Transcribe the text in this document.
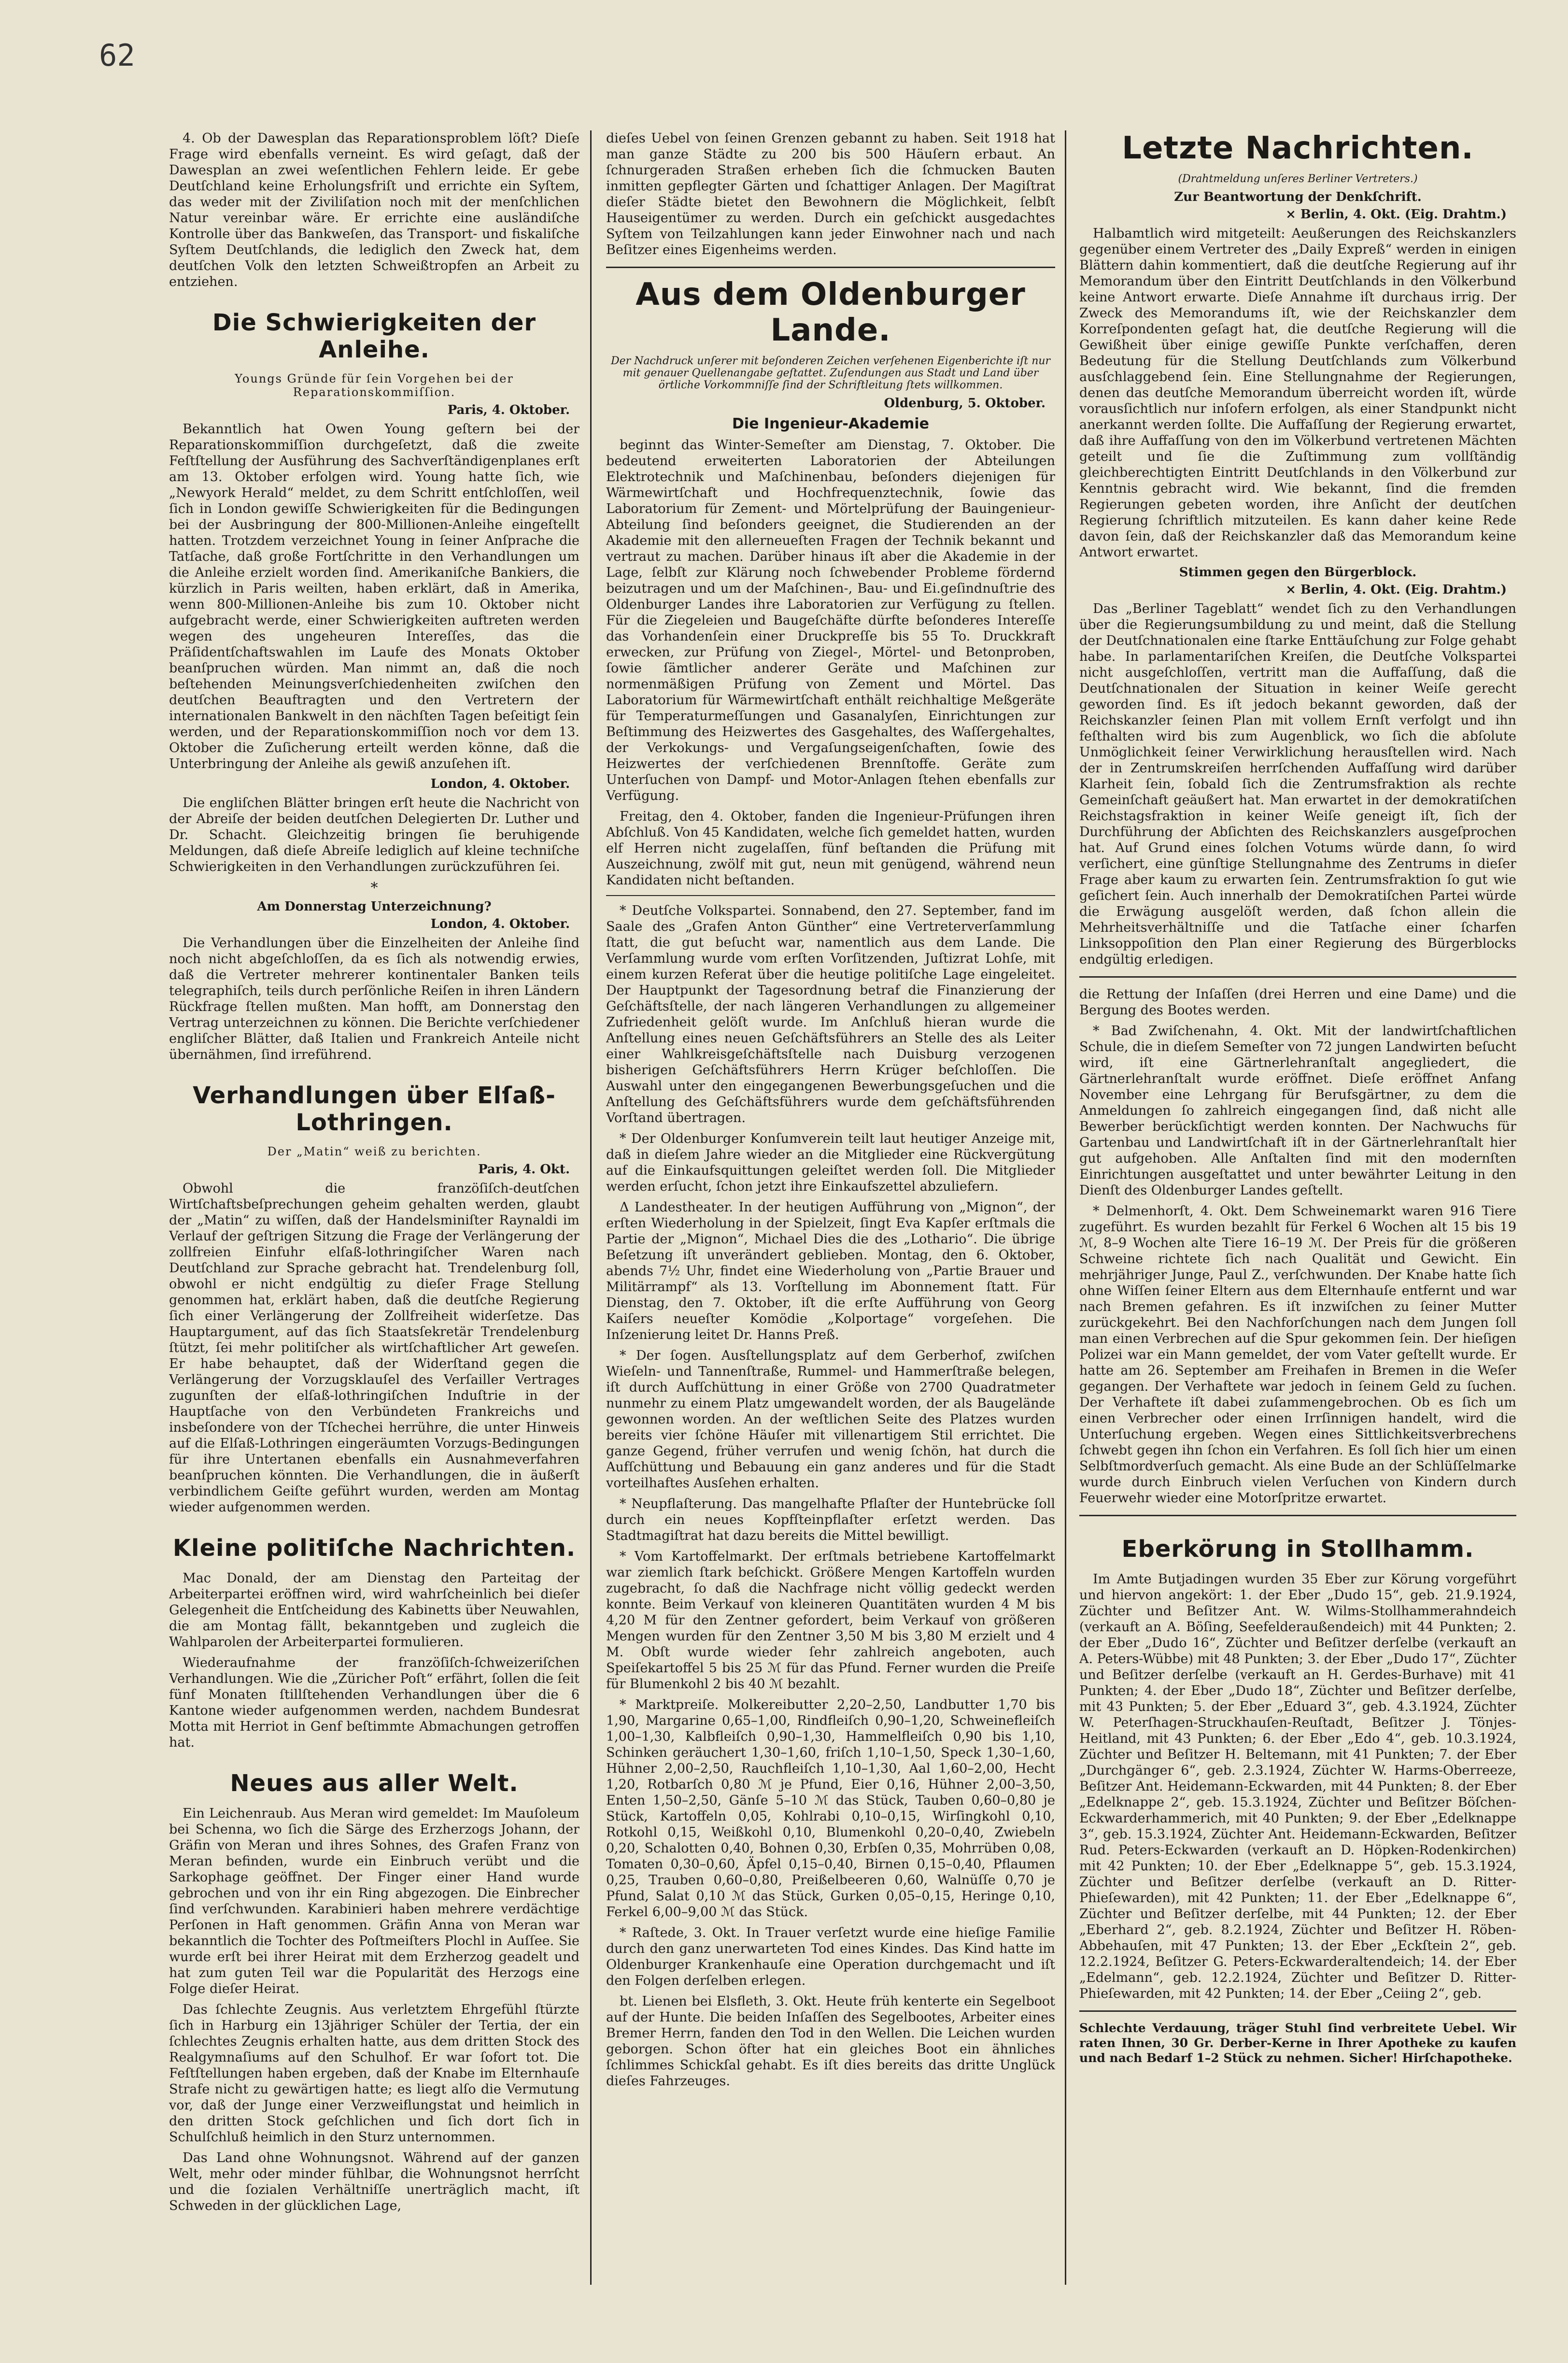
62

4. Ob der Dawesplan das Reparationsproblem löſt? Dieſe Frage wird ebenfalls verneint. Es wird geſagt, daß der Dawesplan an zwei weſentlichen Fehlern leide. Er gebe Deutſchland keine Erholungsfriſt und errichte ein Syſtem, das weder mit der Ziviliſation noch mit der menſchlichen Natur vereinbar wäre. Er errichte eine ausländiſche Kontrolle über das Bankweſen, das Transport- und fiskaliſche Syſtem Deutſchlands, die lediglich den Zweck hat, dem deutſchen Volk den letzten Schweißtropfen an Arbeit zu entziehen.

Die Schwierigkeiten der Anleihe.
Youngs Gründe für ſein Vorgehen bei der Reparationskommiſſion.
Paris, 4. Oktober.

Bekanntlich hat Owen Young geſtern bei der Reparationskommiſſion durchgeſetzt, daß die zweite Feſtſtellung der Ausführung des Sachverſtändigenplanes erſt am 13. Oktober erfolgen wird. Young hatte ſich, wie „Newyork Herald“ meldet, zu dem Schritt entſchloſſen, weil ſich in London gewiſſe Schwierigkeiten für die Bedingungen bei der Ausbringung der 800-Millionen-Anleihe eingeſtellt hatten. Trotzdem verzeichnet Young in ſeiner Anſprache die Tatſache, daß große Fortſchritte in den Verhandlungen um die Anleihe erzielt worden ſind. Amerikaniſche Bankiers, die kürzlich in Paris weilten, haben erklärt, daß in Amerika, wenn 800-Millionen-Anleihe bis zum 10. Oktober nicht aufgebracht werde, einer Schwierigkeiten auftreten werden wegen des ungeheuren Intereſſes, das die Präſidentſchaftswahlen im Laufe des Monats Oktober beanſpruchen würden. Man nimmt an, daß die noch beſtehenden Meinungsverſchiedenheiten zwiſchen den deutſchen Beauftragten und den Vertretern der internationalen Bankwelt in den nächſten Tagen beſeitigt ſein werden, und der Reparationskommiſſion noch vor dem 13. Oktober die Zuſicherung erteilt werden könne, daß die Unterbringung der Anleihe als gewiß anzuſehen iſt.

London, 4. Oktober.

Die engliſchen Blätter bringen erſt heute die Nachricht von der Abreiſe der beiden deutſchen Delegierten Dr. Luther und Dr. Schacht. Gleichzeitig bringen ſie beruhigende Meldungen, daß dieſe Abreiſe lediglich auf kleine techniſche Schwierigkeiten in den Verhandlungen zurückzuführen ſei.

*
Am Donnerstag Unterzeichnung?
London, 4. Oktober.

Die Verhandlungen über die Einzelheiten der Anleihe ſind noch nicht abgeſchloſſen, da es ſich als notwendig erwies, daß die Vertreter mehrerer kontinentaler Banken teils telegraphiſch, teils durch perſönliche Reiſen in ihren Ländern Rückfrage ſtellen mußten. Man hofft, am Donnerstag den Vertrag unterzeichnen zu können. Die Berichte verſchiedener engliſcher Blätter, daß Italien und Frankreich Anteile nicht übernähmen, ſind irreführend.

Verhandlungen über Elſaß-Lothringen.
Der „Matin“ weiß zu berichten.
Paris, 4. Okt.

Obwohl die franzöſiſch-deutſchen Wirtſchaftsbeſprechungen geheim gehalten werden, glaubt der „Matin“ zu wiſſen, daß der Handelsminiſter Raynaldi im Verlauf der geſtrigen Sitzung die Frage der Verlängerung der zollfreien Einfuhr elſaß-lothringiſcher Waren nach Deutſchland zur Sprache gebracht hat. Trendelenburg ſoll, obwohl er nicht endgültig zu dieſer Frage Stellung genommen hat, erklärt haben, daß die deutſche Regierung ſich einer Verlängerung der Zollfreiheit widerſetze. Das Hauptargument, auf das ſich Staatsſekretär Trendelenburg ſtützt, ſei mehr politiſcher als wirtſchaftlicher Art geweſen. Er habe behauptet, daß der Widerſtand gegen die Verlängerung der Vorzugsklauſel des Verſailler Vertrages zugunſten der elſaß-lothringiſchen Induſtrie in der Hauptſache von den Verbündeten Frankreichs und insbeſondere von der Tſchechei herrühre, die unter Hinweis auf die Elſaß-Lothringen eingeräumten Vorzugs-Bedingungen für ihre Untertanen ebenfalls ein Ausnahmeverfahren beanſpruchen könnten. Die Verhandlungen, die in äußerſt verbindlichem Geiſte geführt wurden, werden am Montag wieder aufgenommen werden.

Kleine politiſche Nachrichten.

Mac Donald, der am Dienstag den Parteitag der Arbeiterpartei eröffnen wird, wird wahrſcheinlich bei dieſer Gelegenheit die Entſcheidung des Kabinetts über Neuwahlen, die am Montag fällt, bekanntgeben und zugleich die Wahlparolen der Arbeiterpartei formulieren.

Wiederaufnahme der franzöſiſch-ſchweizeriſchen Verhandlungen. Wie die „Züricher Poſt“ erfährt, ſollen die ſeit fünf Monaten ſtillſtehenden Verhandlungen über die 6 Kantone wieder aufgenommen werden, nachdem Bundesrat Motta mit Herriot in Genf beſtimmte Abmachungen getroffen hat.

Neues aus aller Welt.

Ein Leichenraub. Aus Meran wird gemeldet: Im Mauſoleum bei Schenna, wo ſich die Särge des Erzherzogs Johann, der Gräfin von Meran und ihres Sohnes, des Grafen Franz von Meran befinden, wurde ein Einbruch verübt und die Sarkophage geöffnet. Der Finger einer Hand wurde gebrochen und von ihr ein Ring abgezogen. Die Einbrecher ſind verſchwunden. Karabinieri haben mehrere verdächtige Perſonen in Haft genommen. Gräfin Anna von Meran war bekanntlich die Tochter des Poſtmeiſters Plochl in Auſſee. Sie wurde erſt bei ihrer Heirat mit dem Erzherzog geadelt und hat zum guten Teil war die Popularität des Herzogs eine Folge dieſer Heirat.

Das ſchlechte Zeugnis. Aus verletztem Ehrgefühl ſtürzte ſich in Harburg ein 13jähriger Schüler der Tertia, der ein ſchlechtes Zeugnis erhalten hatte, aus dem dritten Stock des Realgymnaſiums auf den Schulhof. Er war ſofort tot. Die Feſtſtellungen haben ergeben, daß der Knabe im Elternhauſe Strafe nicht zu gewärtigen hatte; es liegt alſo die Vermutung vor, daß der Junge einer Verzweiflungstat und heimlich in den dritten Stock geſchlichen und ſich dort ſich in Schulſchluß heimlich in den Sturz unternommen.

Das Land ohne Wohnungsnot. Während auf der ganzen Welt, mehr oder minder fühlbar, die Wohnungsnot herrſcht und die ſozialen Verhältniſſe unerträglich macht, iſt Schweden in der glücklichen Lage,

dieſes Uebel von ſeinen Grenzen gebannt zu haben. Seit 1918 hat man ganze Städte zu 200 bis 500 Häuſern erbaut. An ſchnurgeraden Straßen erheben ſich die ſchmucken Bauten inmitten gepflegter Gärten und ſchattiger Anlagen. Der Magiſtrat dieſer Städte bietet den Bewohnern die Möglichkeit, ſelbſt Hauseigentümer zu werden. Durch ein geſchickt ausgedachtes Syſtem von Teilzahlungen kann jeder Einwohner nach und nach Beſitzer eines Eigenheims werden.

Aus dem Oldenburger Lande.
Der Nachdruck unſerer mit beſonderen Zeichen verſehenen Eigenberichte iſt nur mit genauer Quellenangabe geſtattet. Zuſendungen aus Stadt und Land über örtliche Vorkommniſſe ſind der Schriftleitung ſtets willkommen.
Oldenburg, 5. Oktober.
Die Ingenieur-Akademie

beginnt das Winter-Semeſter am Dienstag, 7. Oktober. Die bedeutend erweiterten Laboratorien der Abteilungen Elektrotechnik und Maſchinenbau, beſonders diejenigen für Wärmewirtſchaft und Hochfrequenztechnik, ſowie das Laboratorium für Zement- und Mörtelprüfung der Bauingenieur-Abteilung ſind beſonders geeignet, die Studierenden an der Akademie mit den allerneueſten Fragen der Technik bekannt und vertraut zu machen. Darüber hinaus iſt aber die Akademie in der Lage, ſelbſt zur Klärung noch ſchwebender Probleme fördernd beizutragen und um der Maſchinen-, Bau- und Ei.geſindnuſtrie des Oldenburger Landes ihre Laboratorien zur Verfügung zu ſtellen. Für die Ziegeleien und Baugeſchäfte dürfte beſonderes Intereſſe das Vorhandenſein einer Druckpreſſe bis 55 To. Druckkraft erwecken, zur Prüfung von Ziegel-, Mörtel- und Betonproben, ſowie ſämtlicher anderer Geräte und Maſchinen zur normenmäßigen Prüfung von Zement und Mörtel. Das Laboratorium für Wärmewirtſchaft enthält reichhaltige Meßgeräte für Temperaturmeſſungen und Gasanalyſen, Einrichtungen zur Beſtimmung des Heizwertes des Gasgehaltes, des Waſſergehaltes, der Verkokungs- und Vergaſungseigenſchaften, ſowie des Heizwertes der verſchiedenen Brennſtoffe. Geräte zum Unterſuchen von Dampf- und Motor-Anlagen ſtehen ebenfalls zur Verfügung.

Freitag, den 4. Oktober, fanden die Ingenieur-Prüfungen ihren Abſchluß. Von 45 Kandidaten, welche ſich gemeldet hatten, wurden elf Herren nicht zugelaſſen, fünf beſtanden die Prüfung mit Auszeichnung, zwölf mit gut, neun mit genügend, während neun Kandidaten nicht beſtanden.

* Deutſche Volkspartei. Sonnabend, den 27. September, fand im Saale des „Grafen Anton Günther“ eine Vertreterverſammlung ſtatt, die gut beſucht war, namentlich aus dem Lande. Die Verſammlung wurde vom erſten Vorſitzenden, Juſtizrat Lohſe, mit einem kurzen Referat über die heutige politiſche Lage eingeleitet. Der Hauptpunkt der Tagesordnung betraf die Finanzierung der Geſchäftsſtelle, der nach längeren Verhandlungen zu allgemeiner Zufriedenheit gelöſt wurde. Im Anſchluß hieran wurde die Anſtellung eines neuen Geſchäftsführers an Stelle des als Leiter einer Wahlkreisgeſchäftsſtelle nach Duisburg verzogenen bisherigen Geſchäftsführers Herrn Krüger beſchloſſen. Die Auswahl unter den eingegangenen Bewerbungsgeſuchen und die Anſtellung des Geſchäftsführers wurde dem geſchäftsführenden Vorſtand übertragen.

* Der Oldenburger Konſumverein teilt laut heutiger Anzeige mit, daß in dieſem Jahre wieder an die Mitglieder eine Rückvergütung auf die Einkaufsquittungen geleiſtet werden ſoll. Die Mitglieder werden erſucht, ſchon jetzt ihre Einkaufszettel abzuliefern.

Δ Landestheater. In der heutigen Aufführung von „Mignon“, der erſten Wiederholung in der Spielzeit, ſingt Eva Kapſer erſtmals die Partie der „Mignon“, Michael Dies die des „Lothario“. Die übrige Beſetzung iſt unverändert geblieben. Montag, den 6. Oktober, abends 7½ Uhr, findet eine Wiederholung von „Partie Brauer und Militärrampf“ als 13. Vorſtellung im Abonnement ſtatt. Für Dienstag, den 7. Oktober, iſt die erſte Aufführung von Georg Kaiſers neueſter Komödie „Kolportage“ vorgeſehen. Die Inſzenierung leitet Dr. Hanns Preß.

* Der ſogen. Ausſtellungsplatz auf dem Gerberhof, zwiſchen Wieſeln- und Tannenſtraße, Rummel- und Hammerſtraße belegen, iſt durch Aufſchüttung in einer Größe von 2700 Quadratmeter nunmehr zu einem Platz umgewandelt worden, der als Baugelände gewonnen worden. An der weſtlichen Seite des Platzes wurden bereits vier ſchöne Häuſer mit villenartigem Stil errichtet. Die ganze Gegend, früher verrufen und wenig ſchön, hat durch die Aufſchüttung und Bebauung ein ganz anderes und für die Stadt vorteilhaftes Ausſehen erhalten.

* Neupflaſterung. Das mangelhafte Pflaſter der Huntebrücke ſoll durch ein neues Kopfſteinpflaſter erſetzt werden. Das Stadtmagiſtrat hat dazu bereits die Mittel bewilligt.

* Vom Kartoffelmarkt. Der erſtmals betriebene Kartoffelmarkt war ziemlich ſtark beſchickt. Größere Mengen Kartoffeln wurden zugebracht, ſo daß die Nachfrage nicht völlig gedeckt werden konnte. Beim Verkauf von kleineren Quantitäten wurden 4 M bis 4,20 M für den Zentner gefordert, beim Verkauf von größeren Mengen wurden für den Zentner 3,50 M bis 3,80 M erzielt und 4 M. Obſt wurde wieder ſehr zahlreich angeboten, auch Speiſekartoffel 5 bis 25 ℳ für das Pfund. Ferner wurden die Preiſe für Blumenkohl 2 bis 40 ℳ bezahlt.

* Marktpreiſe. Molkereibutter 2,20–2,50, Landbutter 1,70 bis 1,90, Margarine 0,65–1,00, Rindfleiſch 0,90–1,20, Schweinefleiſch 1,00–1,30, Kalbfleiſch 0,90–1,30, Hammelfleiſch 0,90 bis 1,10, Schinken geräuchert 1,30–1,60, friſch 1,10–1,50, Speck 1,30–1,60, Hühner 2,00–2,50, Rauchfleiſch 1,10–1,30, Aal 1,60–2,00, Hecht 1,20, Rotbarſch 0,80 ℳ je Pfund, Eier 0,16, Hühner 2,00–3,50, Enten 1,50–2,50, Gänſe 5–10 ℳ das Stück, Tauben 0,60–0,80 je Stück, Kartoffeln 0,05, Kohlrabi 0,10–0,15, Wirſingkohl 0,10, Rotkohl 0,15, Weißkohl 0,10, Blumenkohl 0,20–0,40, Zwiebeln 0,20, Schalotten 0,40, Bohnen 0,30, Erbſen 0,35, Mohrrüben 0,08, Tomaten 0,30–0,60, Äpfel 0,15–0,40, Birnen 0,15–0,40, Pflaumen 0,25, Trauben 0,60–0,80, Preißelbeeren 0,60, Walnüſſe 0,70 je Pfund, Salat 0,10 ℳ das Stück, Gurken 0,05–0,15, Heringe 0,10, Ferkel 6,00–9,00 ℳ das Stück.

* Raſtede, 3. Okt. In Trauer verſetzt wurde eine hieſige Familie durch den ganz unerwarteten Tod eines Kindes. Das Kind hatte im Oldenburger Krankenhauſe eine Operation durchgemacht und iſt den Folgen derſelben erlegen.

bt. Lienen bei Elsfleth, 3. Okt. Heute früh kenterte ein Segelboot auf der Hunte. Die beiden Inſaſſen des Segelbootes, Arbeiter eines Bremer Herrn, fanden den Tod in den Wellen. Die Leichen wurden geborgen. Schon öfter hat ein gleiches Boot ein ähnliches ſchlimmes Schickſal gehabt. Es iſt dies bereits das dritte Unglück dieſes Fahrzeuges.

Letzte Nachrichten.
(Drahtmeldung unſeres Berliner Vertreters.)
Zur Beantwortung der Denkſchrift.
× Berlin, 4. Okt. (Eig. Drahtm.)

Halbamtlich wird mitgeteilt: Aeußerungen des Reichskanzlers gegenüber einem Vertreter des „Daily Expreß“ werden in einigen Blättern dahin kommentiert, daß die deutſche Regierung auf ihr Memorandum über den Eintritt Deutſchlands in den Völkerbund keine Antwort erwarte. Dieſe Annahme iſt durchaus irrig. Der Zweck des Memorandums iſt, wie der Reichskanzler dem Korreſpondenten geſagt hat, die deutſche Regierung will die Gewißheit über einige gewiſſe Punkte verſchaffen, deren Bedeutung für die Stellung Deutſchlands zum Völkerbund ausſchlaggebend ſein. Eine Stellungnahme der Regierungen, denen das deutſche Memorandum überreicht worden iſt, würde vorausſichtlich nur inſofern erfolgen, als einer Standpunkt nicht anerkannt werden ſollte. Die Auffaſſung der Regierung erwartet, daß ihre Auffaſſung von den im Völkerbund vertretenen Mächten geteilt und ſie die Zuſtimmung zum vollſtändig gleichberechtigten Eintritt Deutſchlands in den Völkerbund zur Kenntnis gebracht wird. Wie bekannt, ſind die fremden Regierungen gebeten worden, ihre Anſicht der deutſchen Regierung ſchriftlich mitzuteilen. Es kann daher keine Rede davon ſein, daß der Reichskanzler daß das Memorandum keine Antwort erwartet.

Stimmen gegen den Bürgerblock.
× Berlin, 4. Okt. (Eig. Drahtm.)

Das „Berliner Tageblatt“ wendet ſich zu den Verhandlungen über die Regierungsumbildung zu und meint, daß die Stellung der Deutſchnationalen eine ſtarke Enttäuſchung zur Folge gehabt habe. In parlamentariſchen Kreiſen, die Deutſche Volkspartei nicht ausgeſchloſſen, vertritt man die Auffaſſung, daß die Deutſchnationalen der Situation in keiner Weiſe gerecht geworden ſind. Es iſt jedoch bekannt geworden, daß der Reichskanzler ſeinen Plan mit vollem Ernſt verfolgt und ihn feſthalten wird bis zum Augenblick, wo ſich die abſolute Unmöglichkeit ſeiner Verwirklichung herausſtellen wird. Nach der in Zentrumskreiſen herrſchenden Auffaſſung wird darüber Klarheit ſein, ſobald ſich die Zentrumsfraktion als rechte Gemeinſchaft geäußert hat. Man erwartet in der demokratiſchen Reichstagsfraktion in keiner Weiſe geneigt iſt, ſich der Durchführung der Abſichten des Reichskanzlers ausgeſprochen hat. Auf Grund eines ſolchen Votums würde dann, ſo wird verſichert, eine günſtige Stellungnahme des Zentrums in dieſer Frage aber kaum zu erwarten ſein. Zentrumsfraktion ſo gut wie geſichert ſein. Auch innerhalb der Demokratiſchen Partei würde die Erwägung ausgelöſt werden, daß ſchon allein die Mehrheitsverhältniſſe und die Tatſache einer ſcharfen Linksoppoſition den Plan einer Regierung des Bürgerblocks endgültig erledigen.

die Rettung der Inſaſſen (drei Herren und eine Dame) und die Bergung des Bootes werden.

* Bad Zwiſchenahn, 4. Okt. Mit der landwirtſchaftlichen Schule, die in dieſem Semeſter von 72 jungen Landwirten beſucht wird, iſt eine Gärtnerlehranſtalt angegliedert, die Gärtnerlehranſtalt wurde eröffnet. Dieſe eröffnet Anfang November eine Lehrgang für Berufsgärtner, zu dem die Anmeldungen ſo zahlreich eingegangen ſind, daß nicht alle Bewerber berückſichtigt werden konnten. Der Nachwuchs für Gartenbau und Landwirtſchaft iſt in der Gärtnerlehranſtalt hier gut aufgehoben. Alle Anſtalten ſind mit den modernſten Einrichtungen ausgeſtattet und unter bewährter Leitung in den Dienſt des Oldenburger Landes geſtellt.

* Delmenhorſt, 4. Okt. Dem Schweinemarkt waren 916 Tiere zugeführt. Es wurden bezahlt für Ferkel 6 Wochen alt 15 bis 19 ℳ, 8–9 Wochen alte Tiere 16–19 ℳ. Der Preis für die größeren Schweine richtete ſich nach Qualität und Gewicht. Ein mehrjähriger Junge, Paul Z., verſchwunden. Der Knabe hatte ſich ohne Wiſſen ſeiner Eltern aus dem Elternhauſe entfernt und war nach Bremen gefahren. Es iſt inzwiſchen zu ſeiner Mutter zurückgekehrt. Bei den Nachforſchungen nach dem Jungen ſoll man einen Verbrechen auf die Spur gekommen ſein. Der hieſigen Polizei war ein Mann gemeldet, der vom Vater geſtellt wurde. Er hatte am 26. September am Freihafen in Bremen in die Weſer gegangen. Der Verhaftete war jedoch in ſeinem Geld zu ſuchen. Der Verhaftete iſt dabei zuſammengebrochen. Ob es ſich um einen Verbrecher oder einen Irrſinnigen handelt, wird die Unterſuchung ergeben. Wegen eines Sittlichkeitsverbrechens ſchwebt gegen ihn ſchon ein Verfahren. Es ſoll ſich hier um einen Selbſtmordverſuch gemacht. Als eine Bude an der Schlüſſelmarke wurde durch Einbruch vielen Verſuchen von Kindern durch Feuerwehr wieder eine Motorſpritze erwartet.

Eberkörung in Stollhamm.

Im Amte Butjadingen wurden 35 Eber zur Körung vorgeführt und hiervon angekört: 1. der Eber „Dudo 15“, geb. 21.9.1924, Züchter und Beſitzer Ant. W. Wilms-Stollhammerahndeich (verkauft an A. Böſing, Seefelderaußendeich) mit 44 Punkten; 2. der Eber „Dudo 16“, Züchter und Beſitzer derſelbe (verkauft an A. Peters-Wübbe) mit 48 Punkten; 3. der Eber „Dudo 17“, Züchter und Beſitzer derſelbe (verkauft an H. Gerdes-Burhave) mit 41 Punkten; 4. der Eber „Dudo 18“, Züchter und Beſitzer derſelbe, mit 43 Punkten; 5. der Eber „Eduard 3“, geb. 4.3.1924, Züchter W. Peterſhagen-Struckhauſen-Reuſtadt, Beſitzer J. Tönjes-Heitland, mit 43 Punkten; 6. der Eber „Edo 4“, geb. 10.3.1924, Züchter und Beſitzer H. Beltemann, mit 41 Punkten; 7. der Eber „Durchgänger 6“, geb. 2.3.1924, Züchter W. Harms-Oberreeze, Beſitzer Ant. Heidemann-Eckwarden, mit 44 Punkten; 8. der Eber „Edelknappe 2“, geb. 15.3.1924, Züchter und Beſitzer Böſchen-Eckwarderhammerich, mit 40 Punkten; 9. der Eber „Edelknappe 3“, geb. 15.3.1924, Züchter Ant. Heidemann-Eckwarden, Beſitzer Rud. Peters-Eckwarden (verkauft an D. Höpken-Rodenkirchen) mit 42 Punkten; 10. der Eber „Edelknappe 5“, geb. 15.3.1924, Züchter und Beſitzer derſelbe (verkauft an D. Ritter-Phieſewarden), mit 42 Punkten; 11. der Eber „Edelknappe 6“, Züchter und Beſitzer derſelbe, mit 44 Punkten; 12. der Eber „Eberhard 2“, geb. 8.2.1924, Züchter und Beſitzer H. Röben-Abbehauſen, mit 47 Punkten; 13. der Eber „Eckſtein 2“, geb. 12.2.1924, Beſitzer G. Peters-Eckwarderaltendeich; 14. der Eber „Edelmann“, geb. 12.2.1924, Züchter und Beſitzer D. Ritter-Phieſewarden, mit 42 Punkten; 14. der Eber „Ceiing 2“, geb.

Schlechte Verdauung, träger Stuhl ſind verbreitete Uebel. Wir raten Ihnen, 30 Gr. Derber-Kerne in Ihrer Apotheke zu kaufen und nach Bedarf 1–2 Stück zu nehmen. Sicher! Hirſchapotheke.
